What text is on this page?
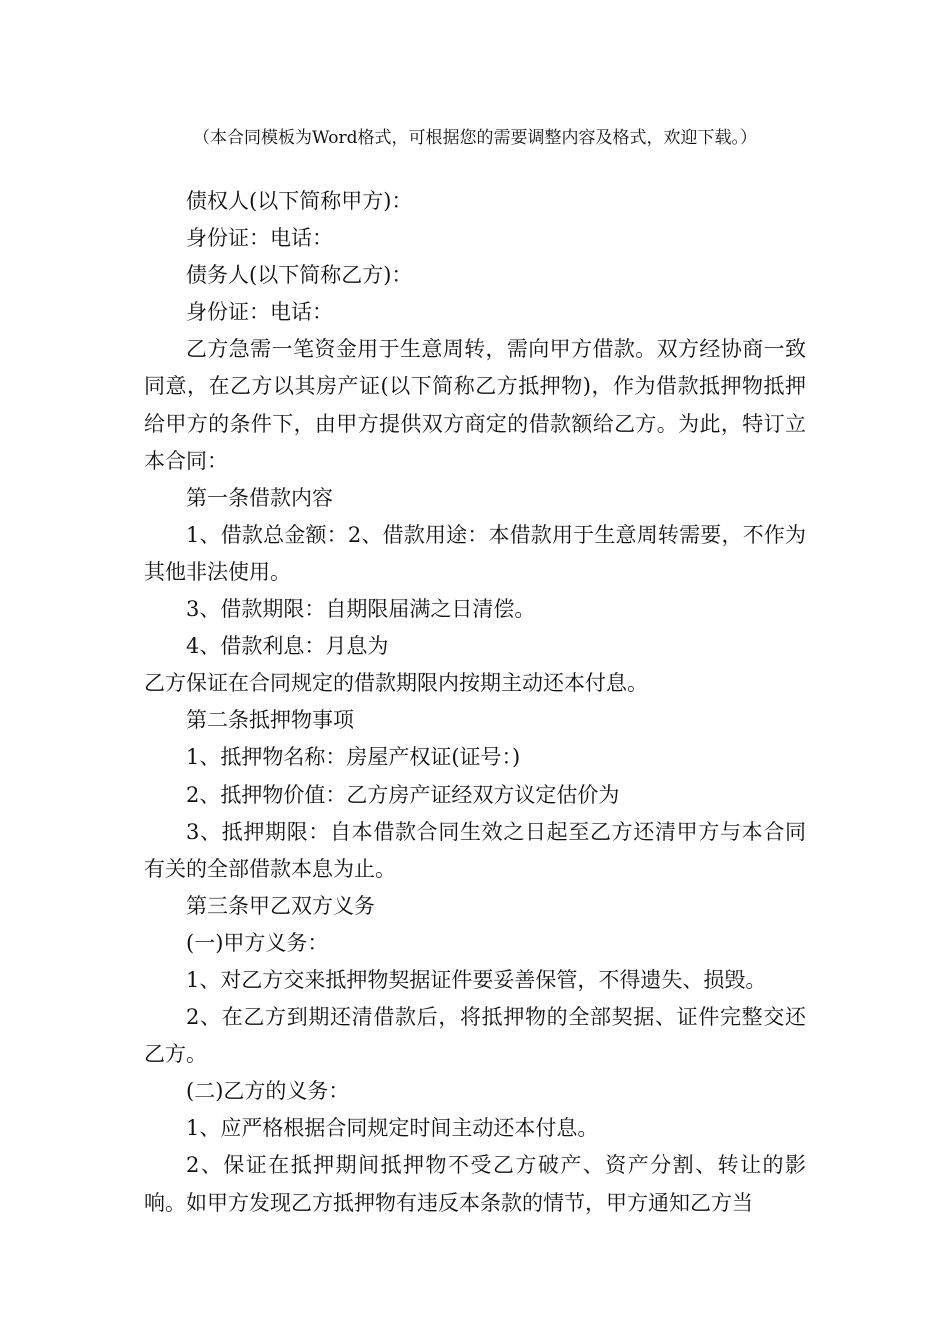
（本合同模板为Word格式，可根据您的需要调整内容及格式，欢迎下载。）

债权人(以下简称甲方)：

身份证：电话：

债务人(以下简称乙方)：

身份证：电话：

乙方急需一笔资金用于生意周转，需向甲方借款。双方经协商一致同意，在乙方以其房产证(以下简称乙方抵押物)，作为借款抵押物抵押给甲方的条件下，由甲方提供双方商定的借款额给乙方。为此，特订立本合同：

第一条借款内容

1、借款总金额：2、借款用途：本借款用于生意周转需要，不作为其他非法使用。

3、借款期限：自期限届满之日清偿。

4、借款利息：月息为

乙方保证在合同规定的借款期限内按期主动还本付息。

第二条抵押物事项

1、抵押物名称：房屋产权证(证号：)

2、抵押物价值：乙方房产证经双方议定估价为

3、抵押期限：自本借款合同生效之日起至乙方还清甲方与本合同有关的全部借款本息为止。

第三条甲乙双方义务

(一)甲方义务：

1、对乙方交来抵押物契据证件要妥善保管，不得遗失、损毁。

2、在乙方到期还清借款后，将抵押物的全部契据、证件完整交还乙方。

(二)乙方的义务：

1、应严格根据合同规定时间主动还本付息。

2、保证在抵押期间抵押物不受乙方破产、资产分割、转让的影响。如甲方发现乙方抵押物有违反本条款的情节，甲方通知乙方当
